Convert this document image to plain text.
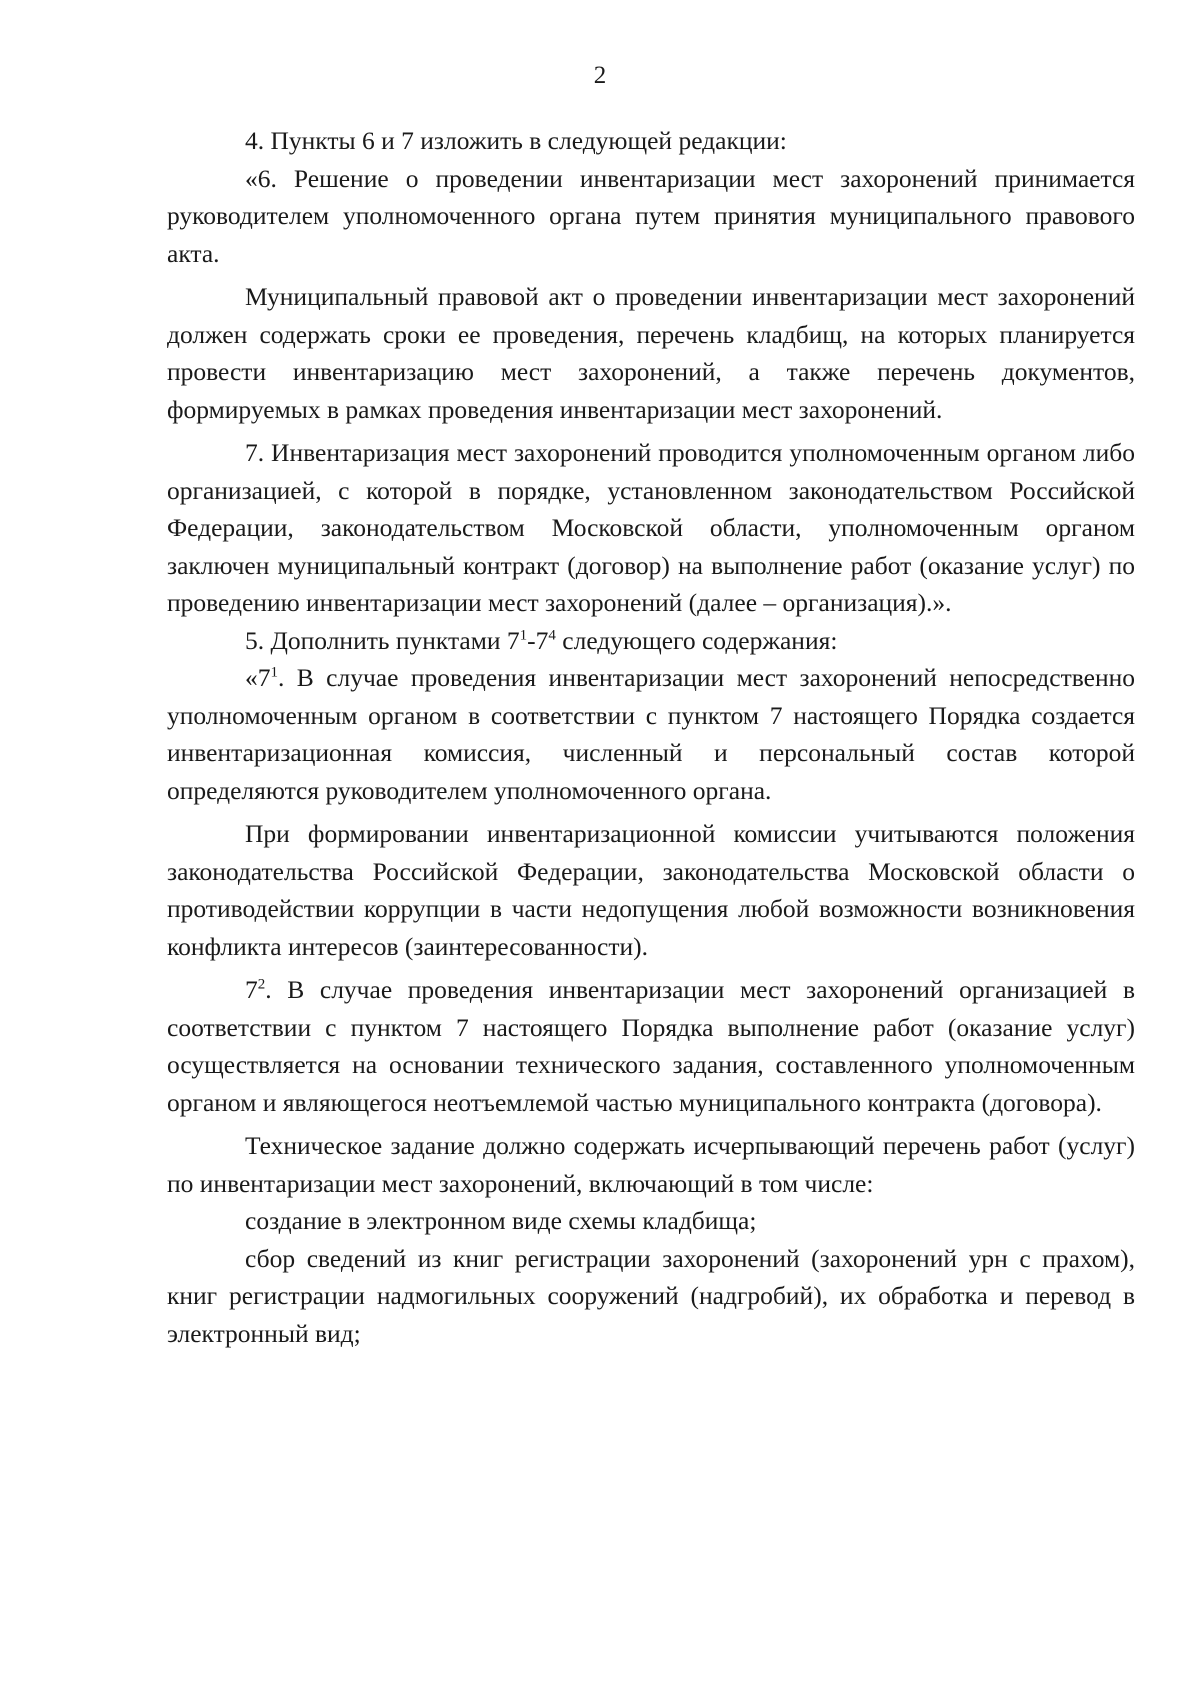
2

4. Пункты 6 и 7 изложить в следующей редакции:

«6. Решение о проведении инвентаризации мест захоронений принимается руководителем уполномоченного органа путем принятия муниципального правового акта.

Муниципальный правовой акт о проведении инвентаризации мест захоронений должен содержать сроки ее проведения, перечень кладбищ, на которых планируется провести инвентаризацию мест захоронений, а также перечень документов, формируемых в рамках проведения инвентаризации мест захоронений.

7. Инвентаризация мест захоронений проводится уполномоченным органом либо организацией, с которой в порядке, установленном законодательством Российской Федерации, законодательством Московской области, уполномоченным органом заключен муниципальный контракт (договор) на выполнение работ (оказание услуг) по проведению инвентаризации мест захоронений (далее – организация).».

5. Дополнить пунктами $7^1-7^4$ следующего содержания:

«$7^1$. В случае проведения инвентаризации мест захоронений непосредственно уполномоченным органом в соответствии с пунктом 7 настоящего Порядка создается инвентаризационная комиссия, численный и персональный состав которой определяются руководителем уполномоченного органа.

При формировании инвентаризационной комиссии учитываются положения законодательства Российской Федерации, законодательства Московской области о противодействии коррупции в части недопущения любой возможности возникновения конфликта интересов (заинтересованности).

$7^2$. В случае проведения инвентаризации мест захоронений организацией в соответствии с пунктом 7 настоящего Порядка выполнение работ (оказание услуг) осуществляется на основании технического задания, составленного уполномоченным органом и являющегося неотъемлемой частью муниципального контракта (договора).

Техническое задание должно содержать исчерпывающий перечень работ (услуг) по инвентаризации мест захоронений, включающий в том числе:

создание в электронном виде схемы кладбища;

сбор сведений из книг регистрации захоронений (захоронений урн с прахом), книг регистрации надмогильных сооружений (надгробий), их обработка и перевод в электронный вид;
